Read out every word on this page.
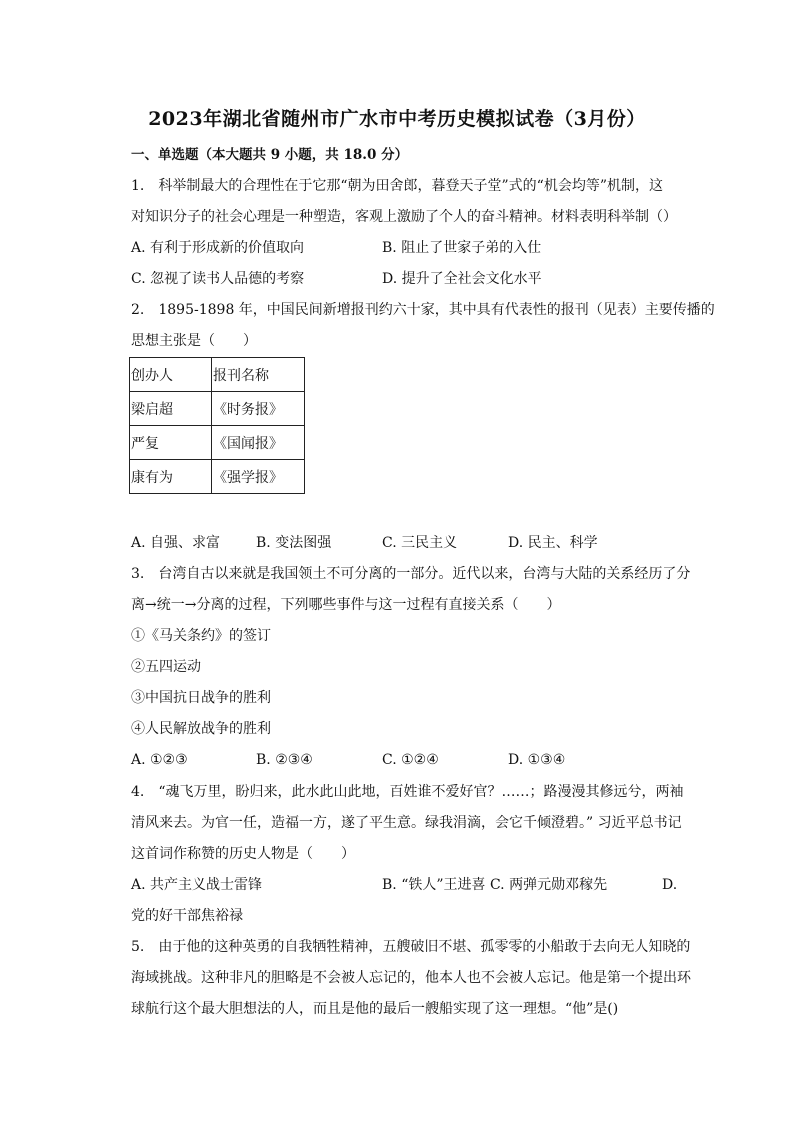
2023年湖北省随州市广水市中考历史模拟试卷（3月份）
一、单选题（本大题共 9 小题，共 18.0 分）
1.　科举制最大的合理性在于它那“朝为田舍郎，暮登天子堂”式的“机会均等”机制，这
对知识分子的社会心理是一种塑造，客观上激励了个人的奋斗精神。材料表明科举制（）
A. 有利于形成新的价值取向	B. 阻止了世家子弟的入仕
C. 忽视了读书人品德的考察	D. 提升了全社会文化水平
2.　1895-1898 年，中国民间新增报刊约六十家，其中具有代表性的报刊（见表）主要传播的
思想主张是（　　）
创办人	报刊名称
梁启超	《时务报》
严复	《国闻报》
康有为	《强学报》
A. 自强、求富	B. 变法图强	C. 三民主义	D. 民主、科学
3.　台湾自古以来就是我国领土不可分离的一部分。近代以来，台湾与大陆的关系经历了分
离→统一→分离的过程，下列哪些事件与这一过程有直接关系（　　）
①《马关条约》的签订
②五四运动
③中国抗日战争的胜利
④人民解放战争的胜利
A. ①②③	B. ②③④	C. ①②④	D. ①③④
4.　“魂飞万里，盼归来，此水此山此地，百姓谁不爱好官？……；路漫漫其修远兮，两袖
清风来去。为官一任，造福一方，遂了平生意。绿我涓滴，会它千倾澄碧。” 习近平总书记
这首词作称赞的历史人物是（　　）
A. 共产主义战士雷锋	B. “铁人”王进喜 C. 两弹元勋邓稼先	D.
党的好干部焦裕禄
5.　由于他的这种英勇的自我牺牲精神，五艘破旧不堪、孤零零的小船敢于去向无人知晓的
海域挑战。这种非凡的胆略是不会被人忘记的，他本人也不会被人忘记。他是第一个提出环
球航行这个最大胆想法的人，而且是他的最后一艘船实现了这一理想。“他”是()
